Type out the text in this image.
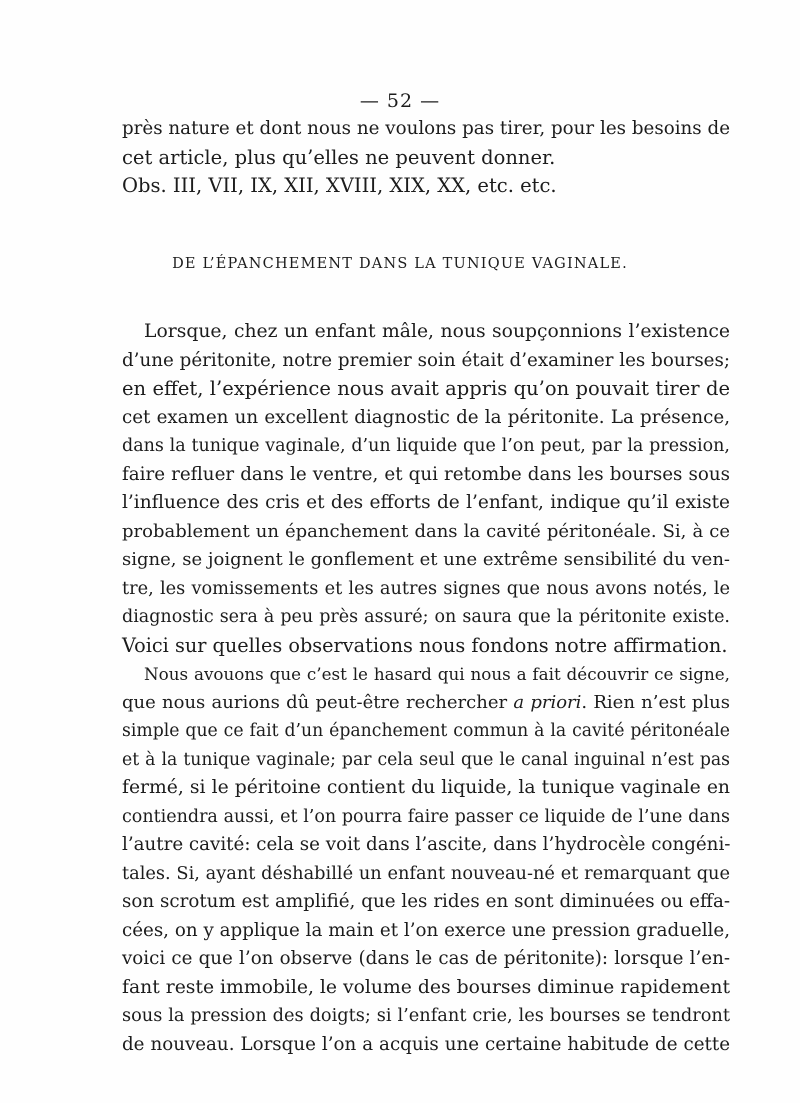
— 52 —
près nature et dont nous ne voulons pas tirer, pour les besoins de
cet article, plus qu’elles ne peuvent donner.
Obs. III, VII, IX, XII, XVIII, XIX, XX, etc. etc.
DE L’ÉPANCHEMENT DANS LA TUNIQUE VAGINALE.
Lorsque, chez un enfant mâle, nous soupçonnions l’existence
d’une péritonite, notre premier soin était d’examiner les bourses;
en effet, l’expérience nous avait appris qu’on pouvait tirer de
cet examen un excellent diagnostic de la péritonite. La présence,
dans la tunique vaginale, d’un liquide que l’on peut, par la pression,
faire refluer dans le ventre, et qui retombe dans les bourses sous
l’influence des cris et des efforts de l’enfant, indique qu’il existe
probablement un épanchement dans la cavité péritonéale. Si, à ce
signe, se joignent le gonflement et une extrême sensibilité du ven-
tre, les vomissements et les autres signes que nous avons notés, le
diagnostic sera à peu près assuré; on saura que la péritonite existe.
Voici sur quelles observations nous fondons notre affirmation.
Nous avouons que c’est le hasard qui nous a fait découvrir ce signe,
que nous aurions dû peut-être rechercher a priori. Rien n’est plus
simple que ce fait d’un épanchement commun à la cavité péritonéale
et à la tunique vaginale; par cela seul que le canal inguinal n’est pas
fermé, si le péritoine contient du liquide, la tunique vaginale en
contiendra aussi, et l’on pourra faire passer ce liquide de l’une dans
l’autre cavité: cela se voit dans l’ascite, dans l’hydrocèle congéni-
tales. Si, ayant déshabillé un enfant nouveau-né et remarquant que
son scrotum est amplifié, que les rides en sont diminuées ou effa-
cées, on y applique la main et l’on exerce une pression graduelle,
voici ce que l’on observe (dans le cas de péritonite): lorsque l’en-
fant reste immobile, le volume des bourses diminue rapidement
sous la pression des doigts; si l’enfant crie, les bourses se tendront
de nouveau. Lorsque l’on a acquis une certaine habitude de cette
